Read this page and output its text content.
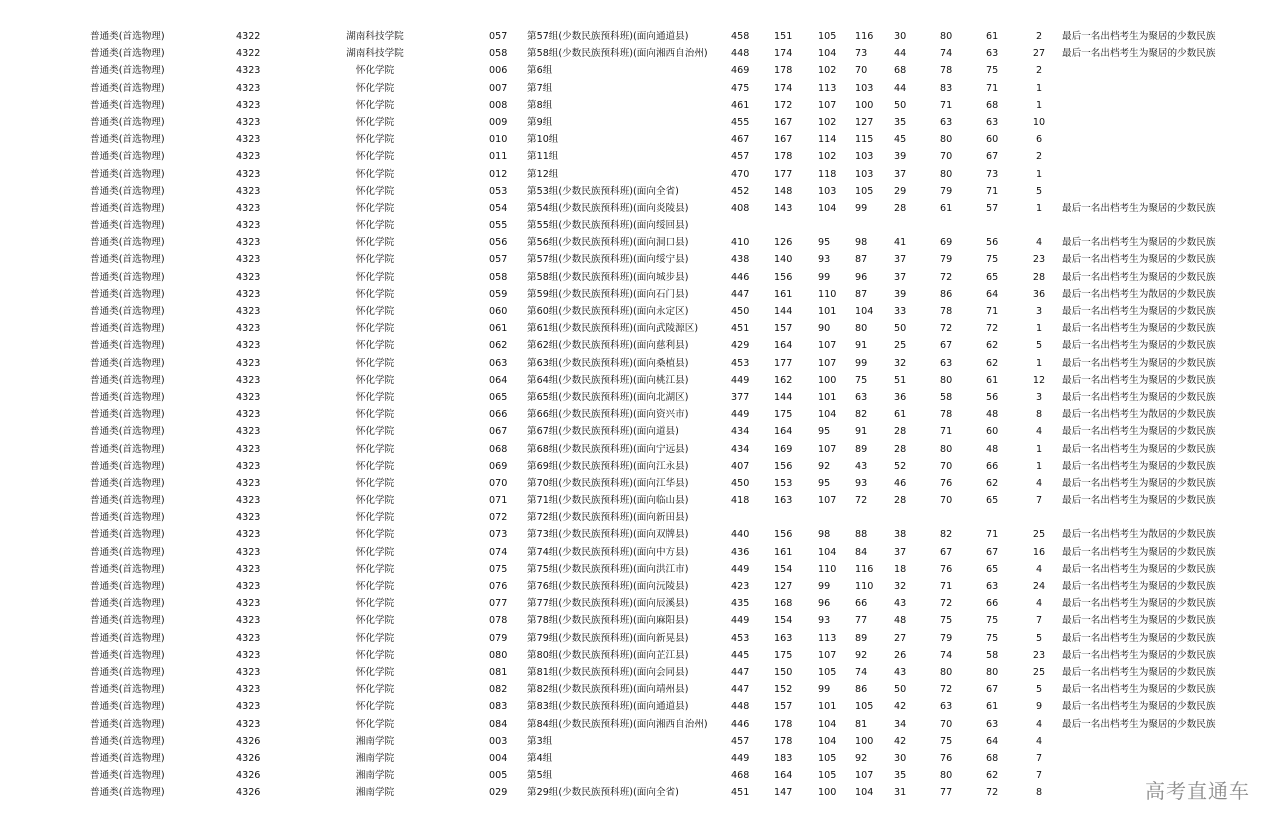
普通类(首选物理)	4322	湖南科技学院	057 第57组(少数民族预科班)(面向通道县)	458	151	105 116 30	80	61	2	最后一名出档考生为聚居的少数民族
普通类(首选物理)	4322	湖南科技学院	058 第58组(少数民族预科班)(面向湘西自治州) 448	174	104 73	44	74	63	27	最后一名出档考生为聚居的少数民族
普通类(首选物理)	4323	怀化学院	006 第6组	469	178	102 70	68	78	75	2
普通类(首选物理)	4323	怀化学院	007 第7组	475	174	113 103 44	83	71	1
普通类(首选物理)	4323	怀化学院	008 第8组	461	172	107 100 50	71	68	1
普通类(首选物理)	4323	怀化学院	009 第9组	455	167	102 127 35	63	63	10
普通类(首选物理)	4323	怀化学院	010 第10组	467	167	114 115 45	80	60	6
普通类(首选物理)	4323	怀化学院	011 第11组	457	178	102 103 39	70	67	2
普通类(首选物理)	4323	怀化学院	012 第12组	470	177	118 103 37	80	73	1
普通类(首选物理)	4323	怀化学院	053 第53组(少数民族预科班)(面向全省)	452	148	103 105 29	79	71	5
普通类(首选物理)	4323	怀化学院	054 第54组(少数民族预科班)(面向炎陵县)	408	143	104 99	28	61	57	1	最后一名出档考生为聚居的少数民族
普通类(首选物理)	4323	怀化学院	055 第55组(少数民族预科班)(面向绥回县)
普通类(首选物理)	4323	怀化学院	056 第56组(少数民族预科班)(面向洞口县)	410	126	95	98	41	69	56	4	最后一名出档考生为聚居的少数民族
普通类(首选物理)	4323	怀化学院	057 第57组(少数民族预科班)(面向绥宁县)	438	140	93	87	37	79	75	23	最后一名出档考生为聚居的少数民族
普通类(首选物理)	4323	怀化学院	058 第58组(少数民族预科班)(面向城步县)	446	156	99	96	37	72	65	28	最后一名出档考生为聚居的少数民族
普通类(首选物理)	4323	怀化学院	059 第59组(少数民族预科班)(面向石门县)	447	161	110 87	39	86	64	36	最后一名出档考生为散居的少数民族
普通类(首选物理)	4323	怀化学院	060 第60组(少数民族预科班)(面向永定区)	450	144	101 104 33	78	71	3	最后一名出档考生为聚居的少数民族
普通类(首选物理)	4323	怀化学院	061 第61组(少数民族预科班)(面向武陵源区)	451	157	90	80	50	72	72	1	最后一名出档考生为聚居的少数民族
普通类(首选物理)	4323	怀化学院	062 第62组(少数民族预科班)(面向慈利县)	429	164	107 91	25	67	62	5	最后一名出档考生为聚居的少数民族
普通类(首选物理)	4323	怀化学院	063 第63组(少数民族预科班)(面向桑植县)	453	177	107 99	32	63	62	1	最后一名出档考生为聚居的少数民族
普通类(首选物理)	4323	怀化学院	064 第64组(少数民族预科班)(面向桃江县)	449	162	100 75	51	80	61	12	最后一名出档考生为聚居的少数民族
普通类(首选物理)	4323	怀化学院	065 第65组(少数民族预科班)(面向北湖区)	377	144	101 63	36	58	56	3	最后一名出档考生为聚居的少数民族
普通类(首选物理)	4323	怀化学院	066 第66组(少数民族预科班)(面向资兴市)	449	175	104 82	61	78	48	8	最后一名出档考生为散居的少数民族
普通类(首选物理)	4323	怀化学院	067 第67组(少数民族预科班)(面向道县)	434	164	95	91	28	71	60	4	最后一名出档考生为聚居的少数民族
普通类(首选物理)	4323	怀化学院	068 第68组(少数民族预科班)(面向宁远县)	434	169	107 89	28	80	48	1	最后一名出档考生为聚居的少数民族
普通类(首选物理)	4323	怀化学院	069 第69组(少数民族预科班)(面向江永县)	407	156	92	43	52	70	66	1	最后一名出档考生为聚居的少数民族
普通类(首选物理)	4323	怀化学院	070 第70组(少数民族预科班)(面向江华县)	450	153	95	93	46	76	62	4	最后一名出档考生为聚居的少数民族
普通类(首选物理)	4323	怀化学院	071 第71组(少数民族预科班)(面向临山县)	418	163	107 72	28	70	65	7	最后一名出档考生为聚居的少数民族
普通类(首选物理)	4323	怀化学院	072 第72组(少数民族预科班)(面向新田县)
普通类(首选物理)	4323	怀化学院	073 第73组(少数民族预科班)(面向双牌县)	440	156	98	88	38	82	71	25	最后一名出档考生为散居的少数民族
普通类(首选物理)	4323	怀化学院	074 第74组(少数民族预科班)(面向中方县)	436	161	104 84	37	67	67	16	最后一名出档考生为聚居的少数民族
普通类(首选物理)	4323	怀化学院	075 第75组(少数民族预科班)(面向洪江市)	449	154	110 116 18	76	65	4	最后一名出档考生为聚居的少数民族
普通类(首选物理)	4323	怀化学院	076 第76组(少数民族预科班)(面向沅陵县)	423	127	99	110 32	71	63	24	最后一名出档考生为聚居的少数民族
普通类(首选物理)	4323	怀化学院	077 第77组(少数民族预科班)(面向辰溪县)	435	168	96	66	43	72	66	4	最后一名出档考生为聚居的少数民族
普通类(首选物理)	4323	怀化学院	078 第78组(少数民族预科班)(面向麻阳县)	449	154	93	77	48	75	75	7	最后一名出档考生为聚居的少数民族
普通类(首选物理)	4323	怀化学院	079 第79组(少数民族预科班)(面向新晃县)	453	163	113 89	27	79	75	5	最后一名出档考生为聚居的少数民族
普通类(首选物理)	4323	怀化学院	080 第80组(少数民族预科班)(面向芷江县)	445	175	107 92	26	74	58	23	最后一名出档考生为聚居的少数民族
普通类(首选物理)	4323	怀化学院	081 第81组(少数民族预科班)(面向会同县)	447	150	105 74	43	80	80	25	最后一名出档考生为聚居的少数民族
普通类(首选物理)	4323	怀化学院	082 第82组(少数民族预科班)(面向靖州县)	447	152	99	86	50	72	67	5	最后一名出档考生为聚居的少数民族
普通类(首选物理)	4323	怀化学院	083 第83组(少数民族预科班)(面向通道县)	448	157	101 105 42	63	61	9	最后一名出档考生为聚居的少数民族
普通类(首选物理)	4323	怀化学院	084 第84组(少数民族预科班)(面向湘西自治州) 446	178	104 81	34	70	63	4	最后一名出档考生为聚居的少数民族
普通类(首选物理)	4326	湘南学院	003 第3组	457	178	104 100 42	75	64	4
普通类(首选物理)	4326	湘南学院	004 第4组	449	183	105 92	30	76	68	7
普通类(首选物理)	4326	湘南学院	005 第5组	468	164	105 107 35	80	62	7
普通类(首选物理)	4326	湘南学院	029 第29组(少数民族预科班)(面向全省)	451	147	100 104 31	77	72	8	高考直通车
